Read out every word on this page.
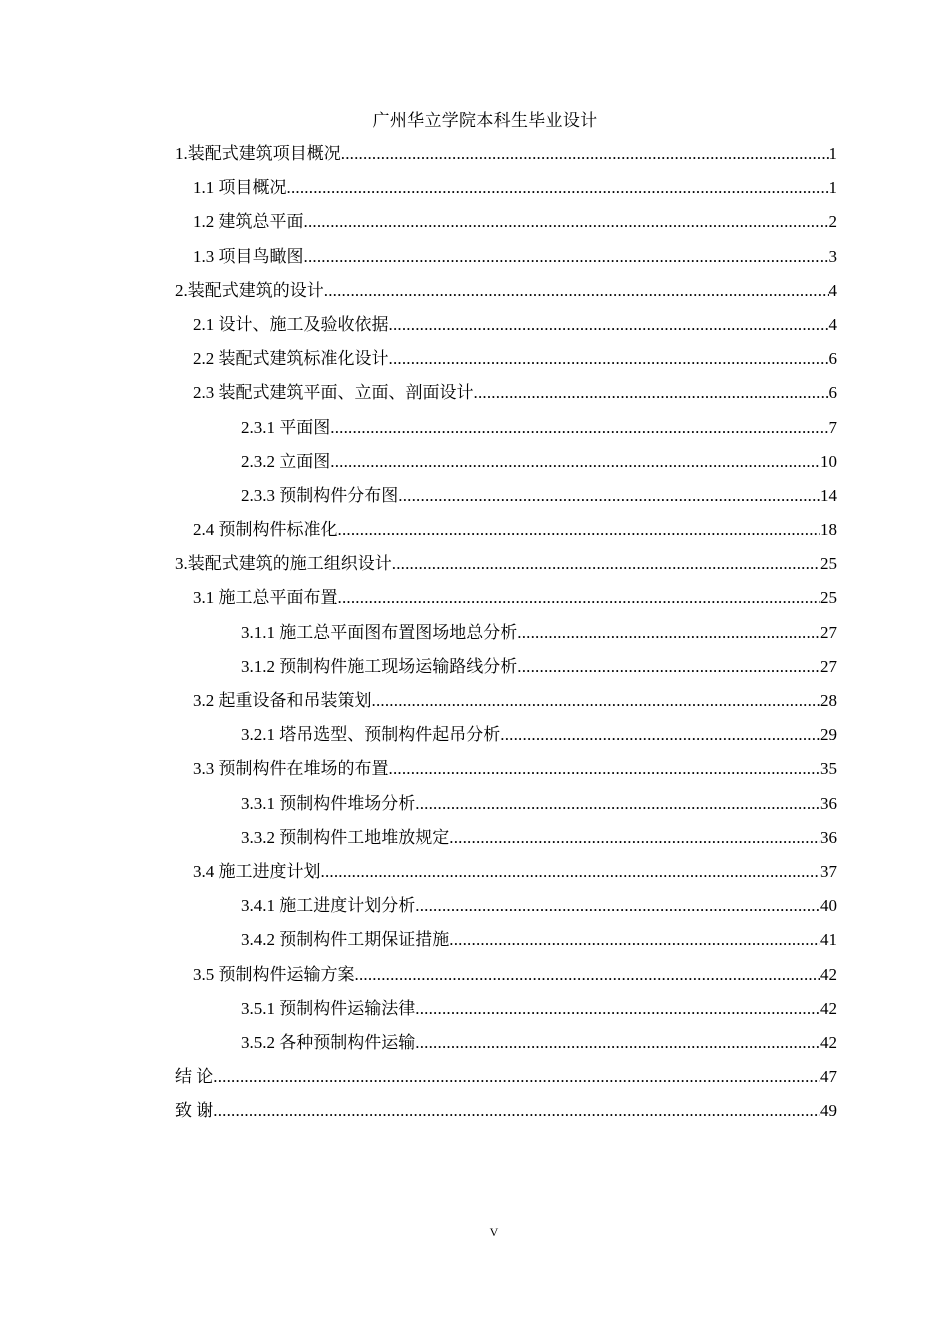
广州华立学院本科生毕业设计
1.装配式建筑项目概况 .....	1
1.1 项目概况 .....	1
1.2 建筑总平面 .....	2
1.3 项目鸟瞰图 .....	3
2.装配式建筑的设计 .....	4
2.1 设计、施工及验收依据 .....	4
2.2 装配式建筑标准化设计 .....	6
2.3 装配式建筑平面、立面、剖面设计 .....	6
2.3.1 平面图 .....	7
2.3.2 立面图 .....	10
2.3.3 预制构件分布图 .....	14
2.4 预制构件标准化 .....	18
3.装配式建筑的施工组织设计 .....	25
3.1 施工总平面布置 .....	25
3.1.1 施工总平面图布置图场地总分析 .....	27
3.1.2 预制构件施工现场运输路线分析 .....	27
3.2 起重设备和吊装策划 .....	28
3.2.1 塔吊选型、预制构件起吊分析 .....	29
3.3 预制构件在堆场的布置 .....	35
3.3.1 预制构件堆场分析 .....	36
3.3.2 预制构件工地堆放规定 .....	36
3.4 施工进度计划 .....	37
3.4.1 施工进度计划分析 .....	40
3.4.2 预制构件工期保证措施 .....	41
3.5 预制构件运输方案 .....	42
3.5.1 预制构件运输法律 .....	42
3.5.2 各种预制构件运输 .....	42
结 论 .....	47
致 谢 .....	49
V
